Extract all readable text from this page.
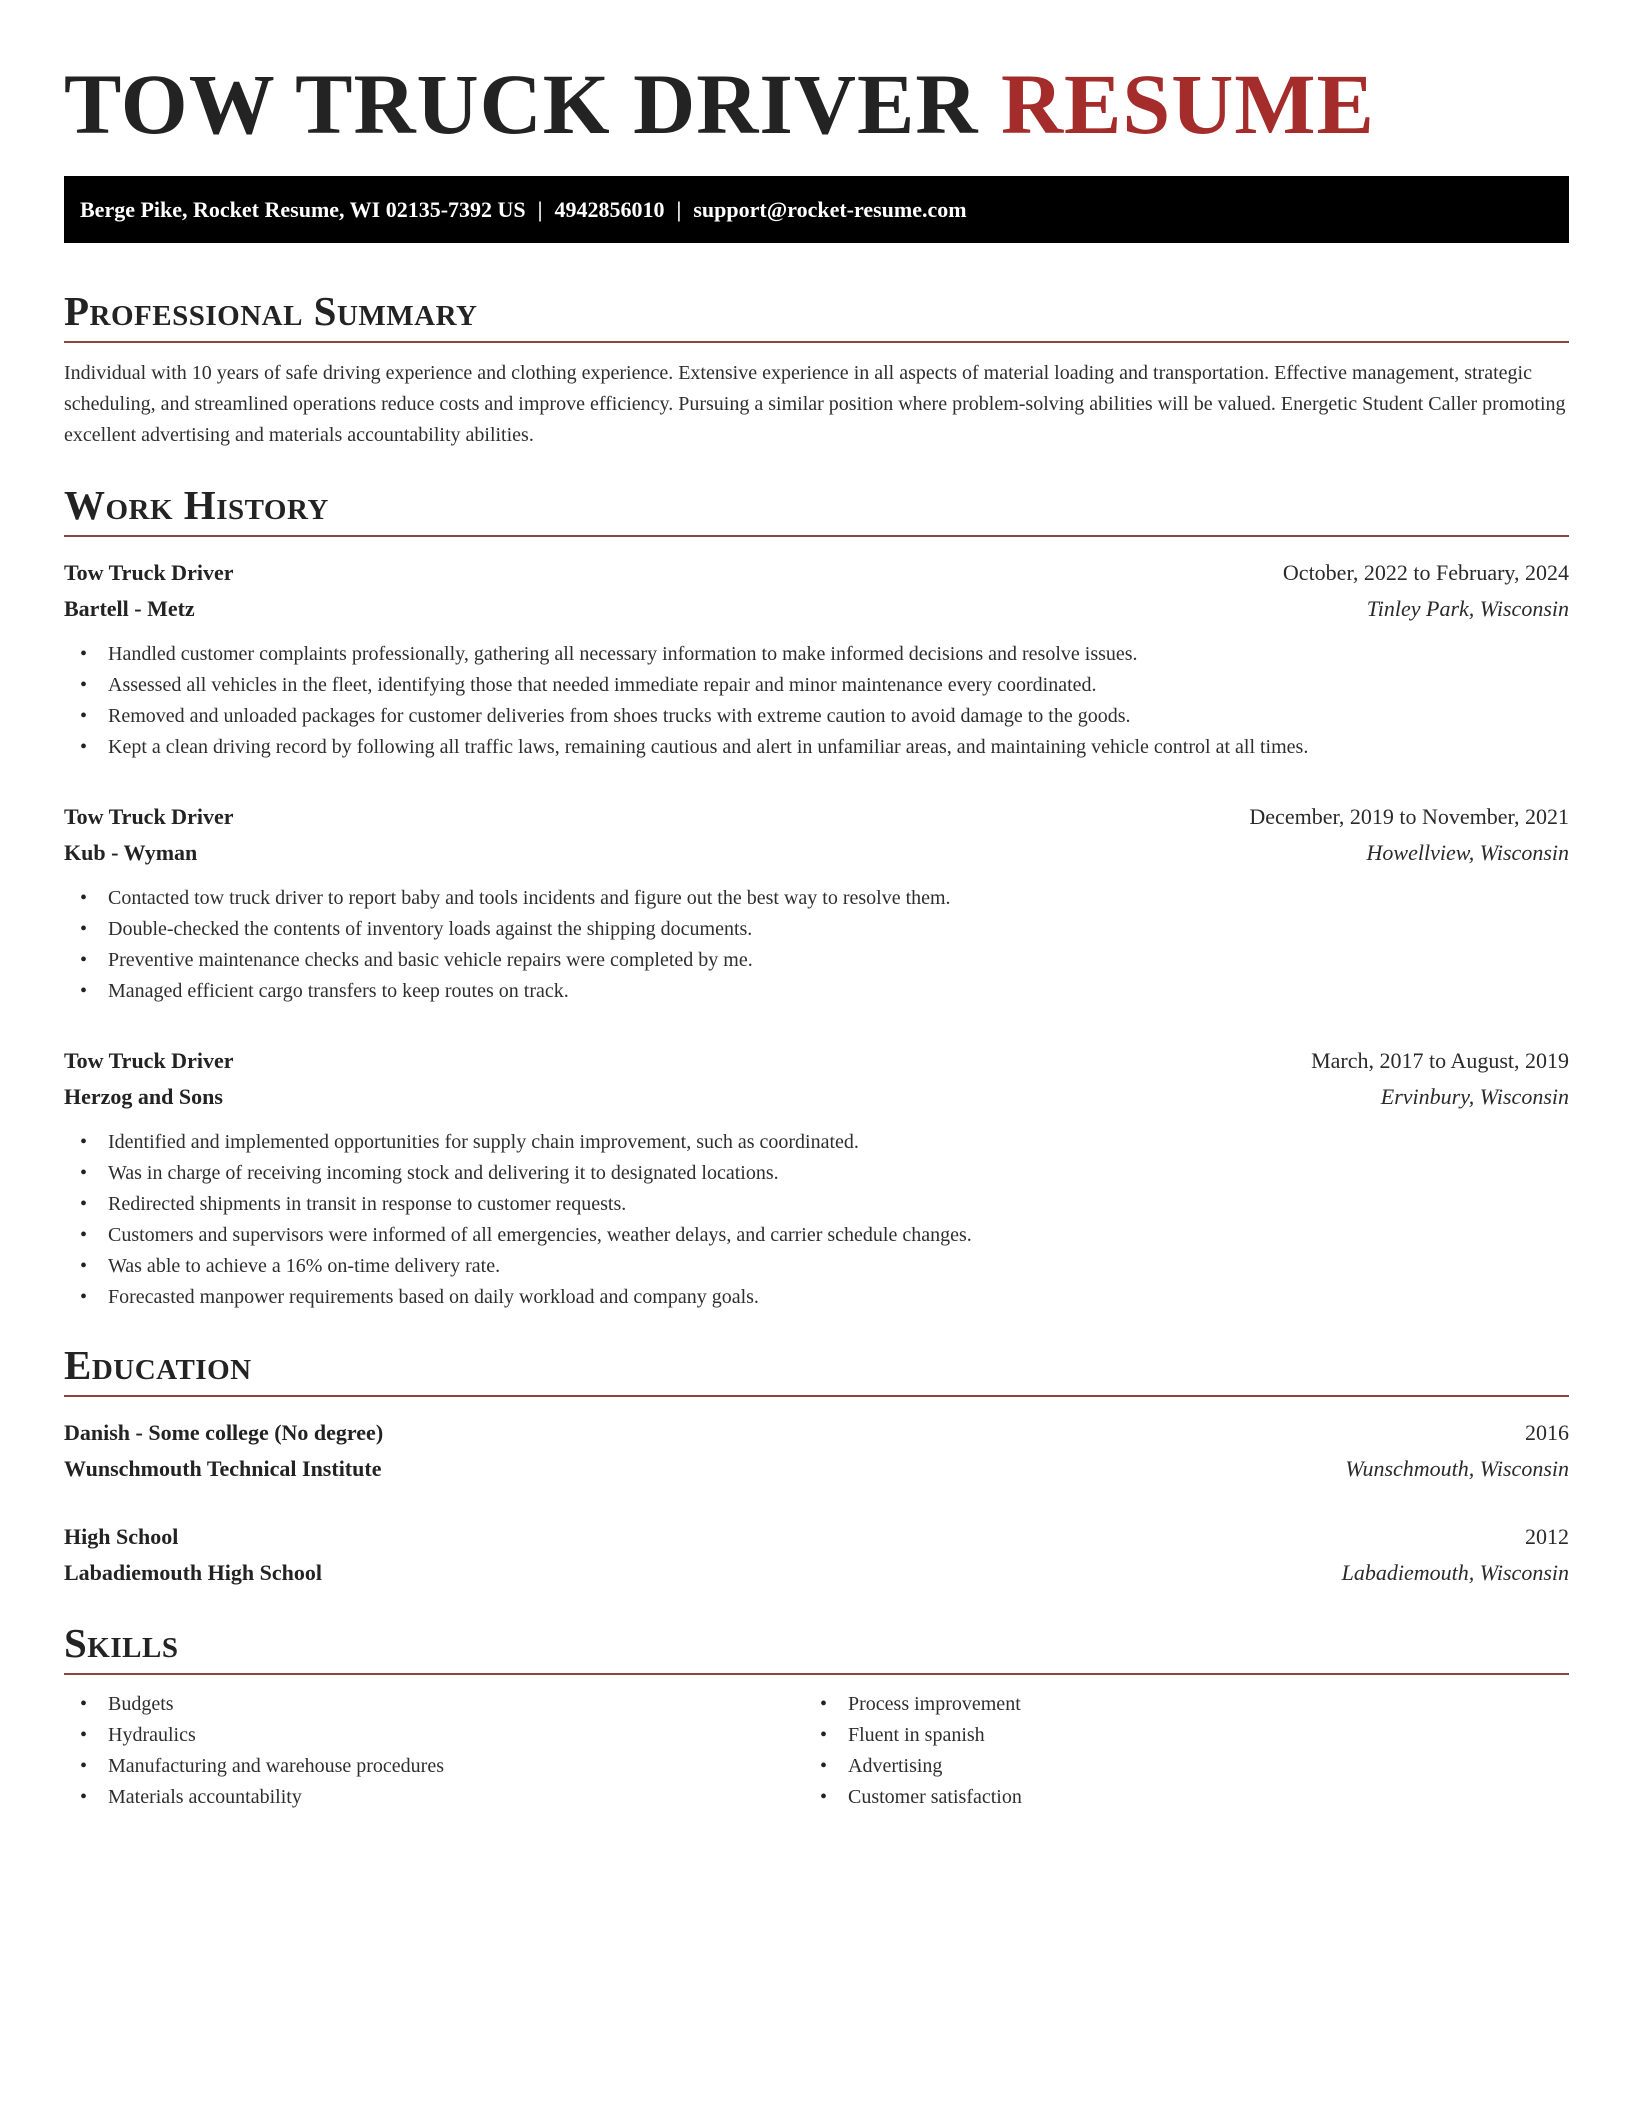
TOW TRUCK DRIVER RESUME
Berge Pike, Rocket Resume, WI 02135-7392 US | 4942856010 | support@rocket-resume.com
Professional Summary

Individual with 10 years of safe driving experience and clothing experience. Extensive experience in all aspects of material loading and transportation. Effective management, strategic scheduling, and streamlined operations reduce costs and improve efficiency. Pursuing a similar position where problem-solving abilities will be valued. Energetic Student Caller promoting excellent advertising and materials accountability abilities.

Work History
Tow Truck Driver	October, 2022 to February, 2024
Bartell - Metz	Tinley Park, Wisconsin
• Handled customer complaints professionally, gathering all necessary information to make informed decisions and resolve issues.
• Assessed all vehicles in the fleet, identifying those that needed immediate repair and minor maintenance every coordinated.
• Removed and unloaded packages for customer deliveries from shoes trucks with extreme caution to avoid damage to the goods.
• Kept a clean driving record by following all traffic laws, remaining cautious and alert in unfamiliar areas, and maintaining vehicle control at all times.
Tow Truck Driver	December, 2019 to November, 2021
Kub - Wyman	Howellview, Wisconsin
• Contacted tow truck driver to report baby and tools incidents and figure out the best way to resolve them.
• Double-checked the contents of inventory loads against the shipping documents.
• Preventive maintenance checks and basic vehicle repairs were completed by me.
• Managed efficient cargo transfers to keep routes on track.
Tow Truck Driver	March, 2017 to August, 2019
Herzog and Sons	Ervinbury, Wisconsin
• Identified and implemented opportunities for supply chain improvement, such as coordinated.
• Was in charge of receiving incoming stock and delivering it to designated locations.
• Redirected shipments in transit in response to customer requests.
• Customers and supervisors were informed of all emergencies, weather delays, and carrier schedule changes.
• Was able to achieve a 16% on-time delivery rate.
• Forecasted manpower requirements based on daily workload and company goals.
Education
Danish - Some college (No degree)	2016
Wunschmouth Technical Institute	Wunschmouth, Wisconsin
High School	2012
Labadiemouth High School	Labadiemouth, Wisconsin
Skills
• Budgets
• Hydraulics
• Manufacturing and warehouse procedures
• Materials accountability
• Process improvement
• Fluent in spanish
• Advertising
• Customer satisfaction
